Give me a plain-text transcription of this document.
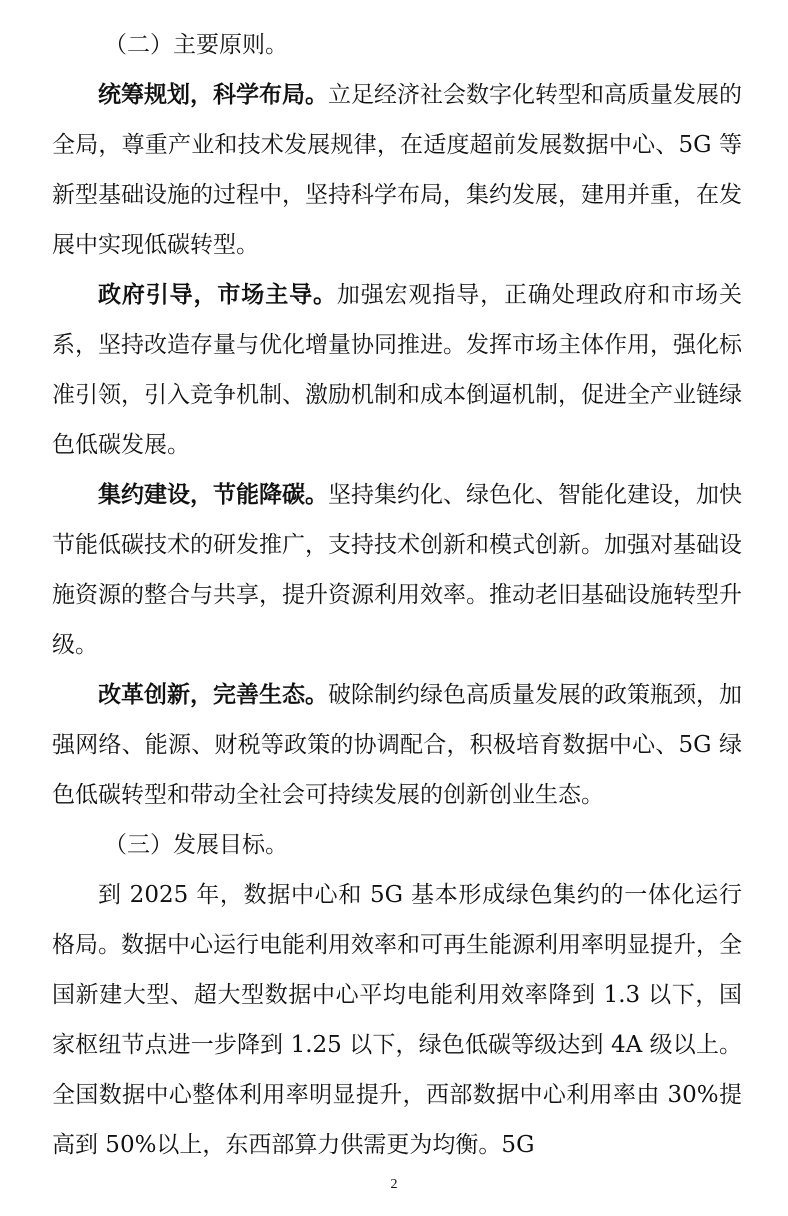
（二）主要原则。

统筹规划，科学布局。立足经济社会数字化转型和高质量发展的全局，尊重产业和技术发展规律，在适度超前发展数据中心、5G 等新型基础设施的过程中，坚持科学布局，集约发展，建用并重，在发展中实现低碳转型。

政府引导，市场主导。加强宏观指导，正确处理政府和市场关系，坚持改造存量与优化增量协同推进。发挥市场主体作用，强化标准引领，引入竞争机制、激励机制和成本倒逼机制，促进全产业链绿色低碳发展。

集约建设，节能降碳。坚持集约化、绿色化、智能化建设，加快节能低碳技术的研发推广，支持技术创新和模式创新。加强对基础设施资源的整合与共享，提升资源利用效率。推动老旧基础设施转型升级。

改革创新，完善生态。破除制约绿色高质量发展的政策瓶颈，加强网络、能源、财税等政策的协调配合，积极培育数据中心、5G 绿色低碳转型和带动全社会可持续发展的创新创业生态。

（三）发展目标。

到 2025 年，数据中心和 5G 基本形成绿色集约的一体化运行格局。数据中心运行电能利用效率和可再生能源利用率明显提升，全国新建大型、超大型数据中心平均电能利用效率降到 1.3 以下，国家枢纽节点进一步降到 1.25 以下，绿色低碳等级达到 4A 级以上。全国数据中心整体利用率明显提升，西部数据中心利用率由 30%提高到 50%以上，东西部算力供需更为均衡。5G

2
